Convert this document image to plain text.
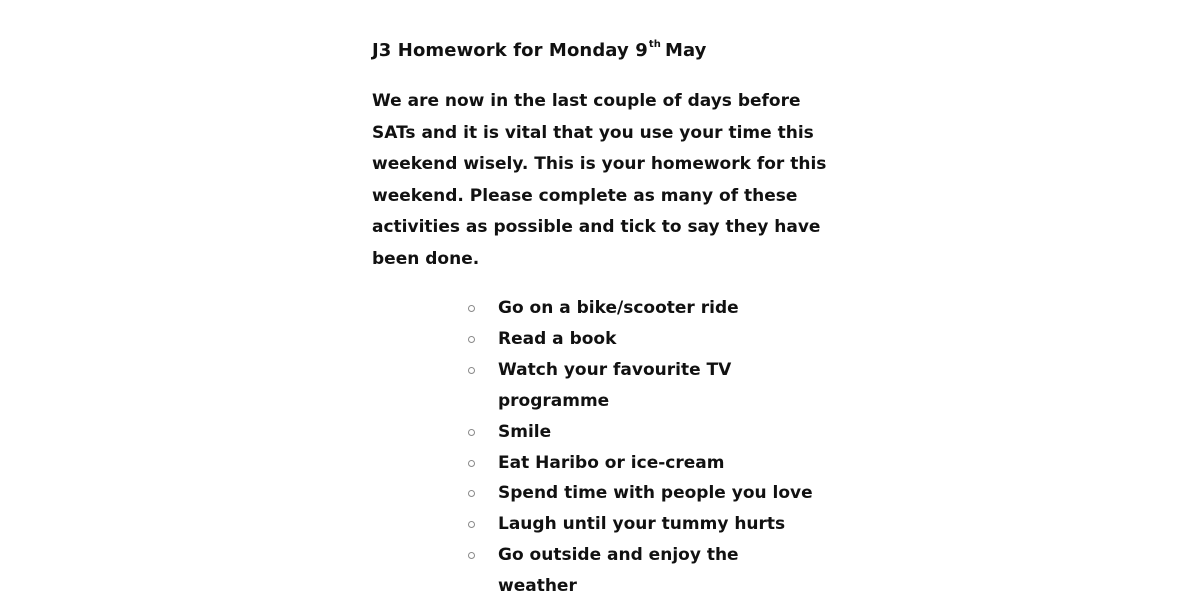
J3 Homework for Monday 9th May

We are now in the last couple of days before
SATs and it is vital that you use your time this
weekend wisely. This is your homework for this
weekend. Please complete as many of these
activities as possible and tick to say they have
been done.

Go on a bike/scooter ride
Read a book
Watch your favourite TV
programme
Smile
Eat Haribo or ice-cream
Spend time with people you love
Laugh until your tummy hurts
Go outside and enjoy the
weather
